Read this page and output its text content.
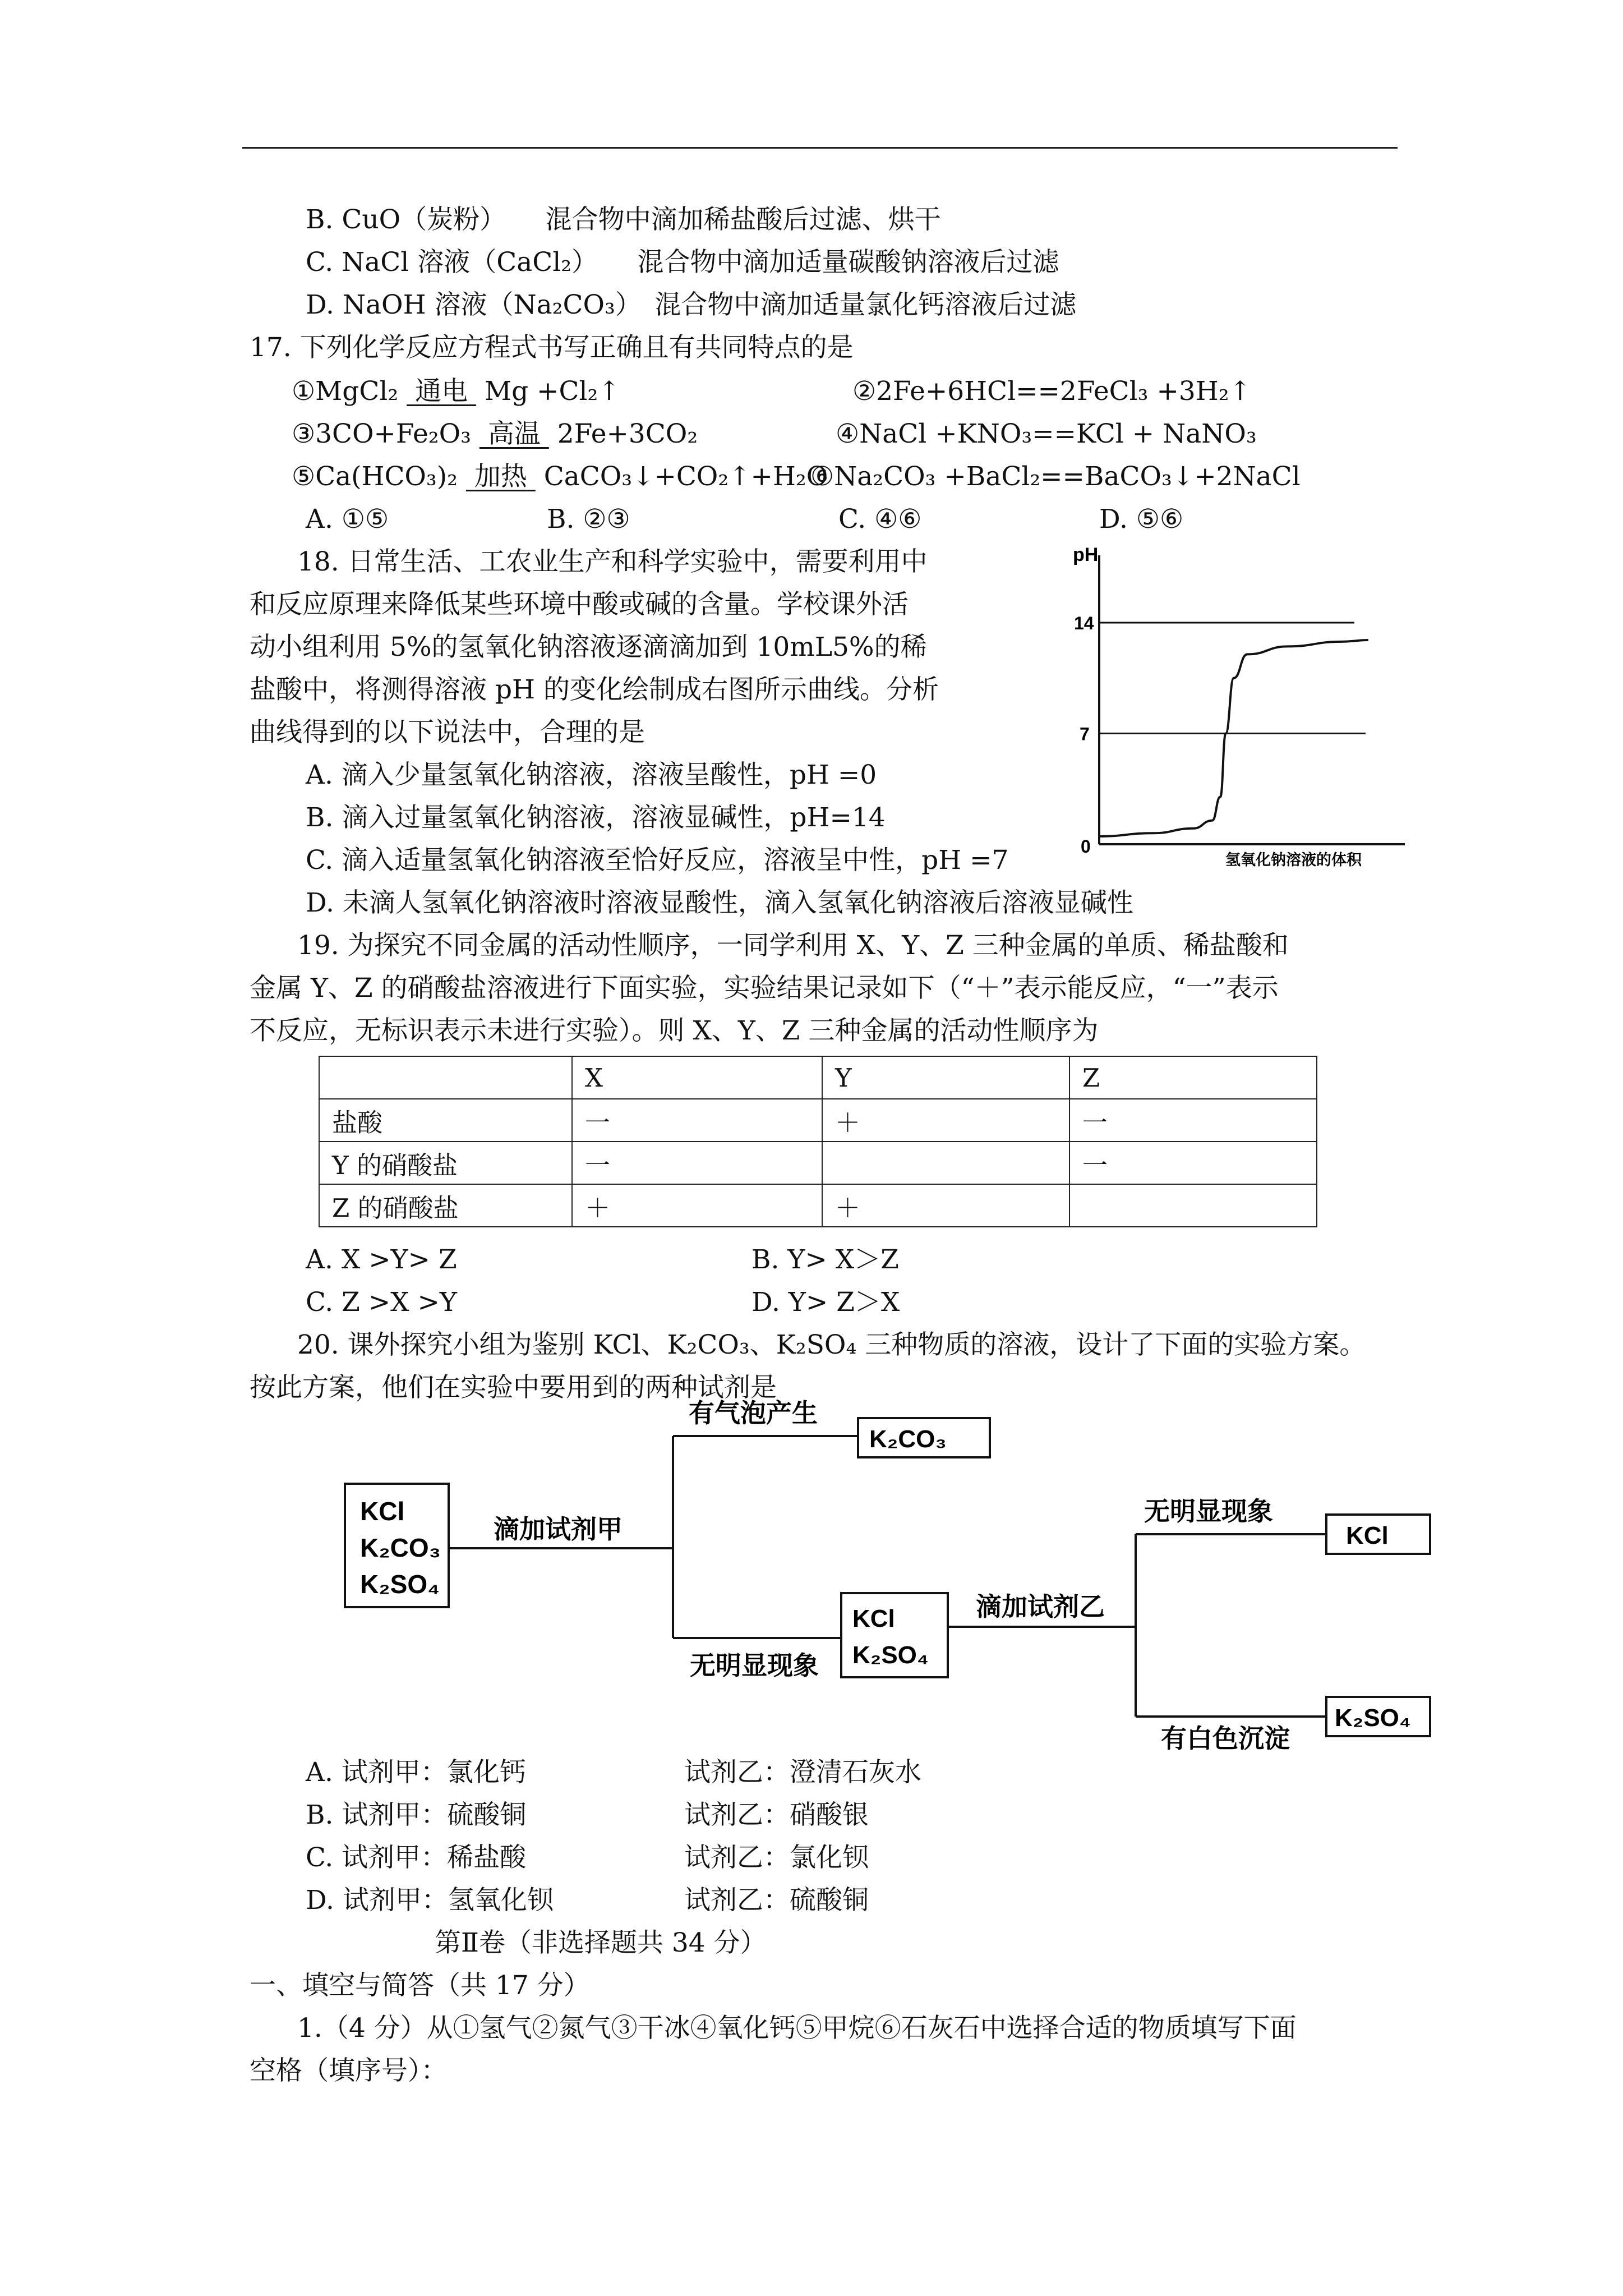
B. CuO（炭粉）　　混合物中滴加稀盐酸后过滤、烘干
C. NaCl 溶液（CaCl₂）　　混合物中滴加适量碳酸钠溶液后过滤
D. NaOH 溶液（Na₂CO₃）　混合物中滴加适量氯化钙溶液后过滤
17. 下列化学反应方程式书写正确且有共同特点的是
①MgCl₂ 通电 Mg +Cl₂↑	②2Fe+6HCl==2FeCl₃ +3H₂↑
③3CO+Fe₂O₃ 高温 2Fe+3CO₂	④NaCl +KNO₃==KCl + NaNO₃
⑤Ca(HCO₃)₂ 加热 CaCO₃↓+CO₂↑+H₂O
⑥Na₂CO₃ +BaCl₂==BaCO₃↓+2NaCl
A. ①⑤	B. ②③	C. ④⑥	D. ⑤⑥
18. 日常生活、工农业生产和科学实验中，需要利用中
和反应原理来降低某些环境中酸或碱的含量。学校课外活
动小组利用 5%的氢氧化钠溶液逐滴滴加到 10mL5%的稀
盐酸中，将测得溶液 pH 的变化绘制成右图所示曲线。分析
曲线得到的以下说法中，合理的是
A. 滴入少量氢氧化钠溶液，溶液呈酸性，pH =0
B. 滴入过量氢氧化钠溶液，溶液显碱性，pH=14
C. 滴入适量氢氧化钠溶液至恰好反应，溶液呈中性，pH =7
D. 未滴人氢氧化钠溶液时溶液显酸性，滴入氢氧化钠溶液后溶液显碱性
pH
14
7
0
氢氧化钠溶液的体积
19. 为探究不同金属的活动性顺序，一同学利用 X、Y、Z 三种金属的单质、稀盐酸和
金属 Y、Z 的硝酸盐溶液进行下面实验，实验结果记录如下（“＋”表示能反应，“一”表示
不反应，无标识表示未进行实验）。则 X、Y、Z 三种金属的活动性顺序为
	X	Y	Z
盐酸	一	＋	一
Y 的硝酸盐	一		一
Z 的硝酸盐	＋	＋	
A. X >Y> Z	B. Y> X＞Z
C. Z >X >Y	D. Y> Z＞X
20. 课外探究小组为鉴别 KCl、K₂CO₃、K₂SO₄ 三种物质的溶液，设计了下面的实验方案。
按此方案，他们在实验中要用到的两种试剂是
KCl
K₂CO₃
K₂SO₄
滴加试剂甲
有气泡产生
K₂CO₃
无明显现象
KCl
K₂SO₄
滴加试剂乙
无明显现象
KCl
有白色沉淀
K₂SO₄
A. 试剂甲：氯化钙	试剂乙：澄清石灰水
B. 试剂甲：硫酸铜	试剂乙：硝酸银
C. 试剂甲：稀盐酸	试剂乙：氯化钡
D. 试剂甲：氢氧化钡	试剂乙：硫酸铜
第Ⅱ卷（非选择题共 34 分）
一、填空与简答（共 17 分）
1.（4 分）从①氢气②氮气③干冰④氧化钙⑤甲烷⑥石灰石中选择合适的物质填写下面
空格（填序号）：
